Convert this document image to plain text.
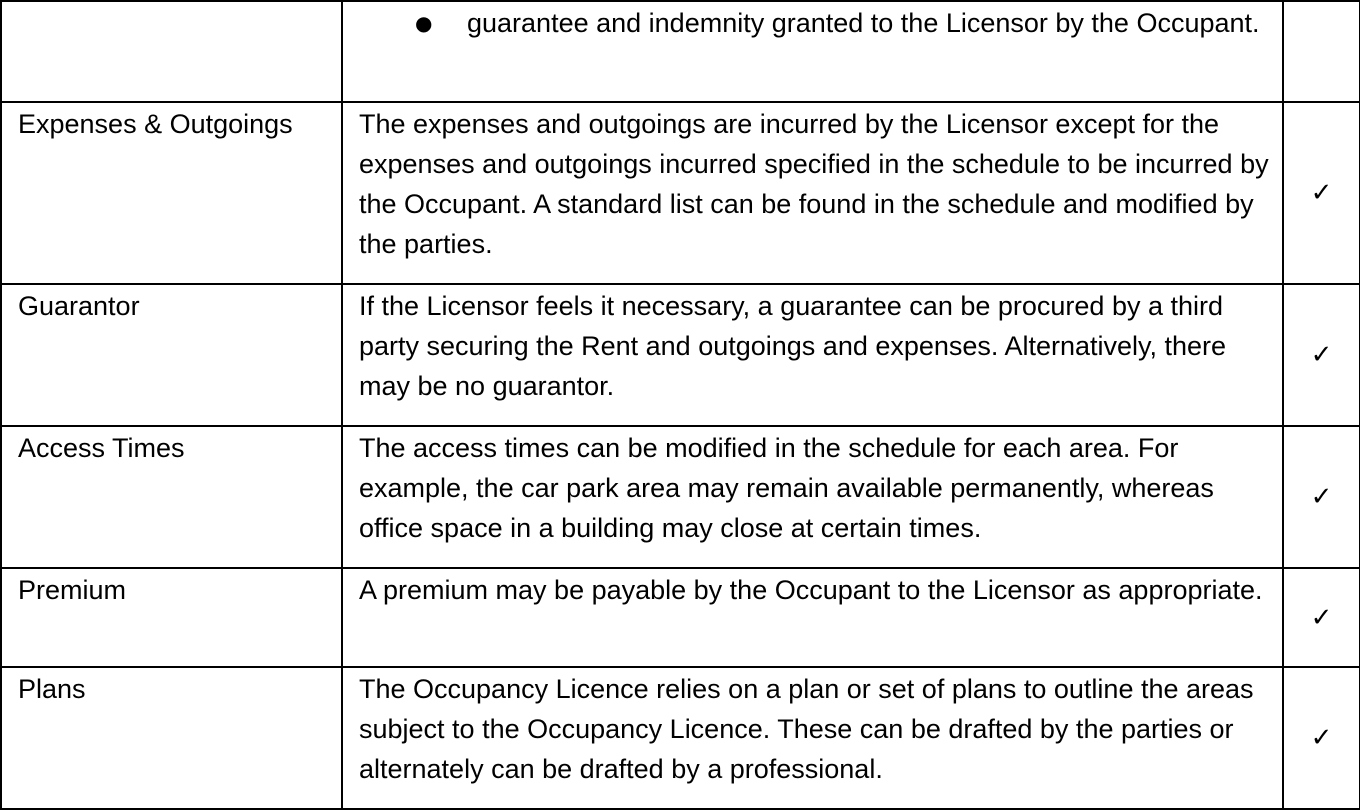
	● guarantee and indemnity granted to the Licensor by the Occupant.	

Expenses & Outgoings	The expenses and outgoings are incurred by the Licensor except for the expenses and outgoings incurred specified in the schedule to be incurred by the Occupant. A standard list can be found in the schedule and modified by the parties.	✓
Guarantor	If the Licensor feels it necessary, a guarantee can be procured by a third party securing the Rent and outgoings and expenses. Alternatively, there may be no guarantor.	✓
Access Times	The access times can be modified in the schedule for each area. For example, the car park area may remain available permanently, whereas office space in a building may close at certain times.	✓
Premium	A premium may be payable by the Occupant to the Licensor as appropriate.	✓
Plans	The Occupancy Licence relies on a plan or set of plans to outline the areas subject to the Occupancy Licence. These can be drafted by the parties or alternately can be drafted by a professional.	✓
